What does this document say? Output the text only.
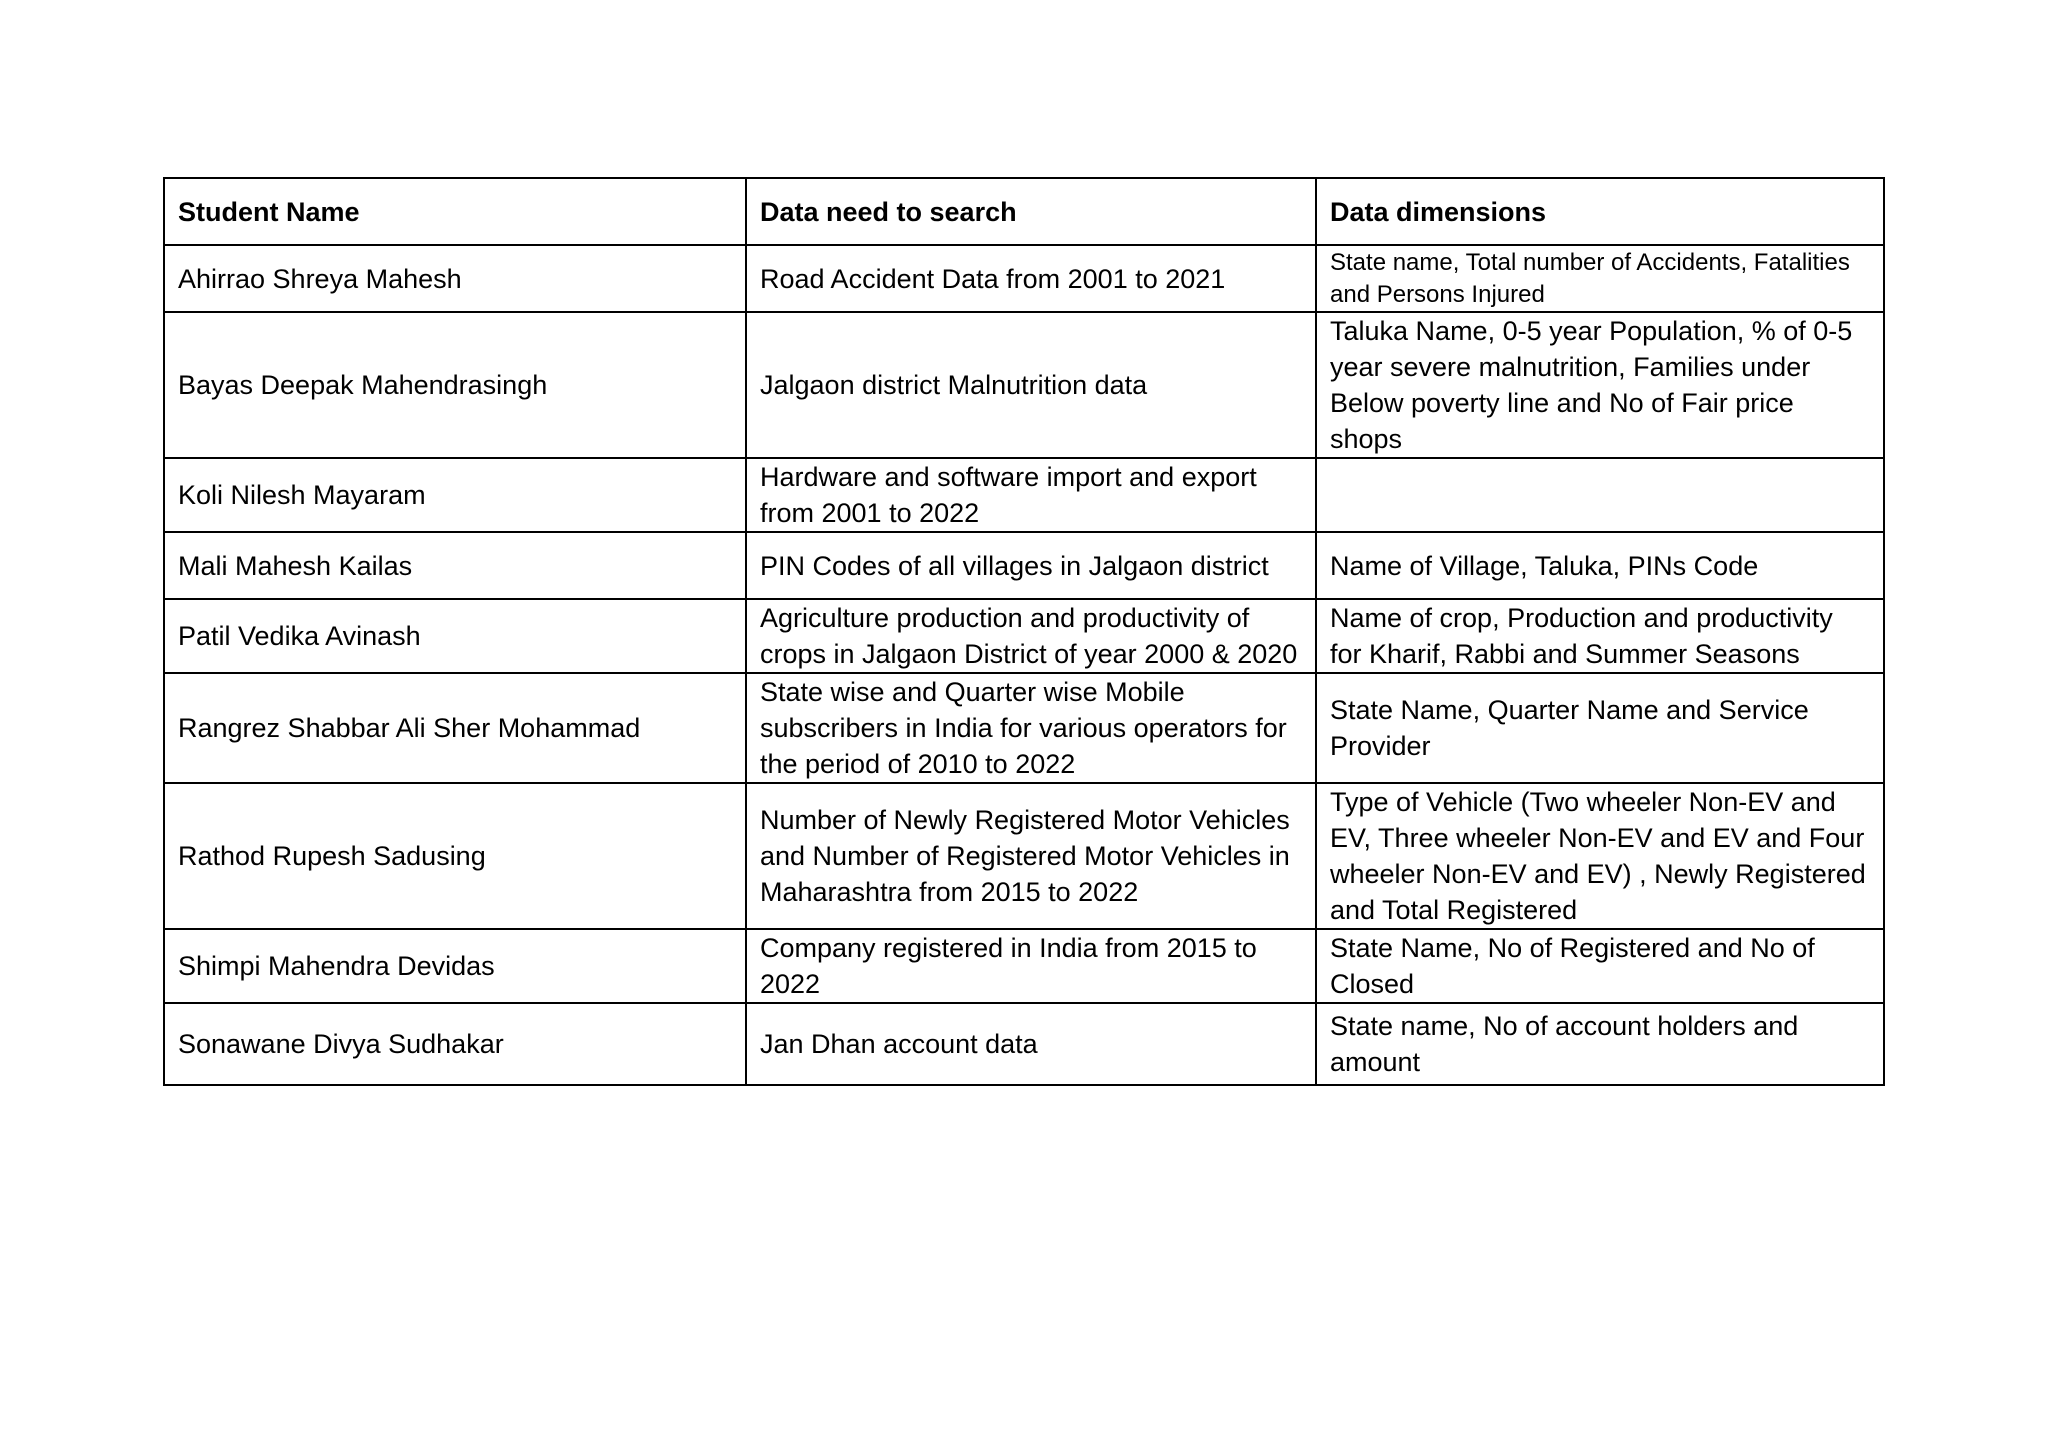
Student Name	Data need to search	Data dimensions
Ahirrao Shreya Mahesh	Road Accident Data from 2001 to 2021	State name, Total number of Accidents, Fatalities and Persons Injured
Bayas Deepak Mahendrasingh	Jalgaon district Malnutrition data	Taluka Name, 0-5 year Population, % of 0-5 year severe malnutrition, Families under Below poverty line and No of Fair price shops
Koli Nilesh Mayaram	Hardware and software import and export from 2001 to 2022	
Mali Mahesh Kailas	PIN Codes of all villages in Jalgaon district	Name of Village, Taluka, PINs Code
Patil Vedika Avinash	Agriculture production and productivity of crops in Jalgaon District of year 2000 & 2020	Name of crop, Production and productivity for Kharif, Rabbi and Summer Seasons
Rangrez Shabbar Ali Sher Mohammad	State wise and Quarter wise Mobile subscribers in India for various operators for the period of 2010 to 2022	State Name, Quarter Name and Service Provider
Rathod Rupesh Sadusing	Number of Newly Registered Motor Vehicles and Number of Registered Motor Vehicles in Maharashtra from 2015 to 2022	Type of Vehicle (Two wheeler Non-EV and EV, Three wheeler Non-EV and EV and Four wheeler Non-EV and EV) , Newly Registered and Total Registered
Shimpi Mahendra Devidas	Company registered in India from 2015 to 2022	State Name, No of Registered and No of Closed
Sonawane Divya Sudhakar	Jan Dhan account data	State name, No of account holders and amount
